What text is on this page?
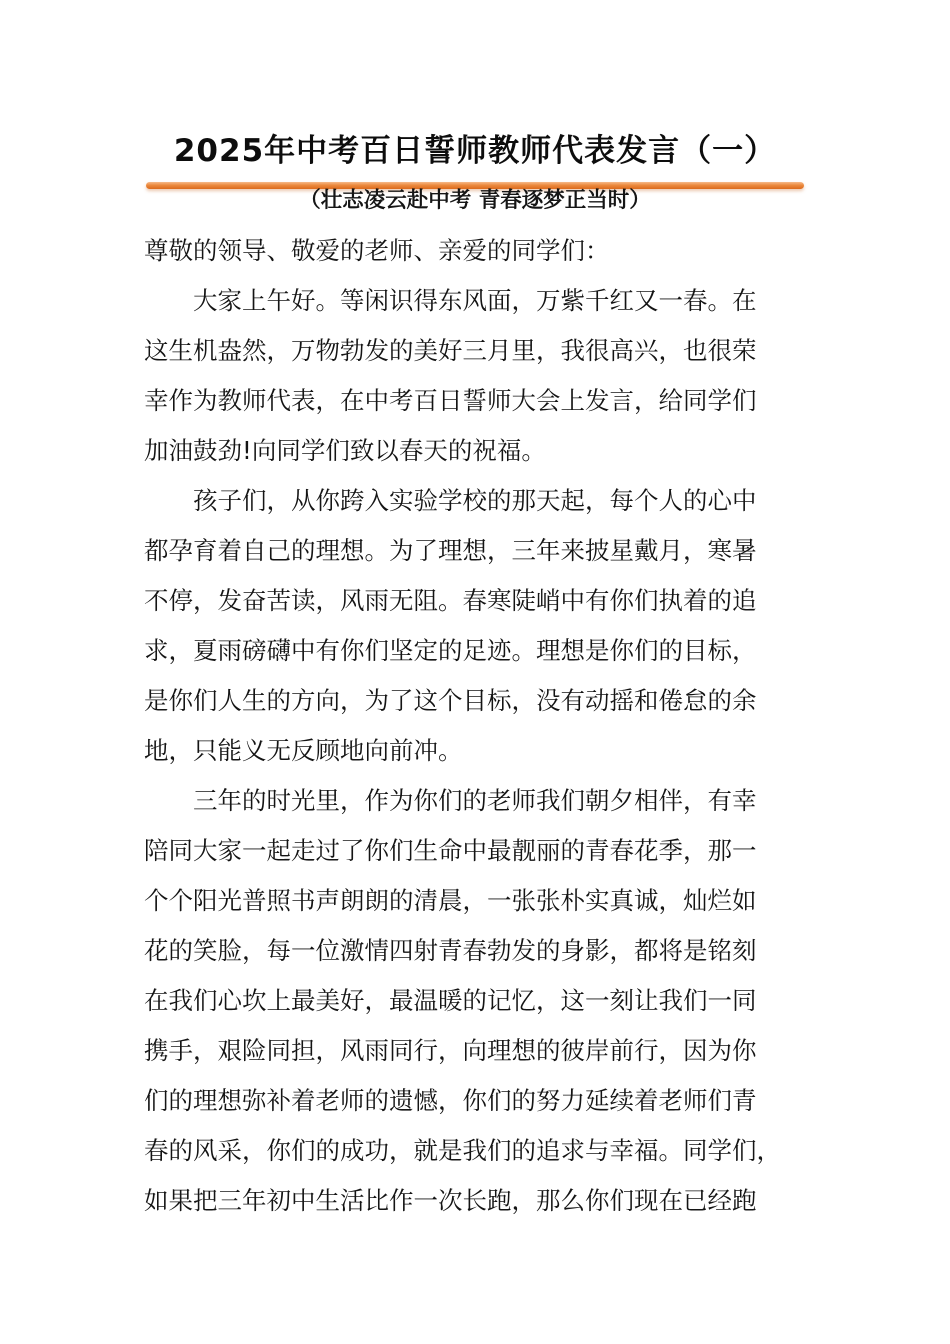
2025年中考百日誓师教师代表发言（一）
（壮志凌云赴中考 青春逐梦正当时）

尊敬的领导、敬爱的老师、亲爱的同学们：

大家上午好。等闲识得东风面，万紫千红又一春。在
这生机盎然，万物勃发的美好三月里，我很高兴，也很荣
幸作为教师代表，在中考百日誓师大会上发言，给同学们
加油鼓劲!向同学们致以春天的祝福。

孩子们，从你跨入实验学校的那天起，每个人的心中
都孕育着自己的理想。为了理想，三年来披星戴月，寒暑
不停，发奋苦读，风雨无阻。春寒陡峭中有你们执着的追
求，夏雨磅礴中有你们坚定的足迹。理想是你们的目标，
是你们人生的方向，为了这个目标，没有动摇和倦怠的余
地，只能义无反顾地向前冲。

三年的时光里，作为你们的老师我们朝夕相伴，有幸
陪同大家一起走过了你们生命中最靓丽的青春花季，那一
个个阳光普照书声朗朗的清晨，一张张朴实真诚，灿烂如
花的笑脸，每一位激情四射青春勃发的身影，都将是铭刻
在我们心坎上最美好，最温暖的记忆，这一刻让我们一同
携手，艰险同担，风雨同行，向理想的彼岸前行，因为你
们的理想弥补着老师的遗憾，你们的努力延续着老师们青
春的风采，你们的成功，就是我们的追求与幸福。同学们，
如果把三年初中生活比作一次长跑，那么你们现在已经跑
